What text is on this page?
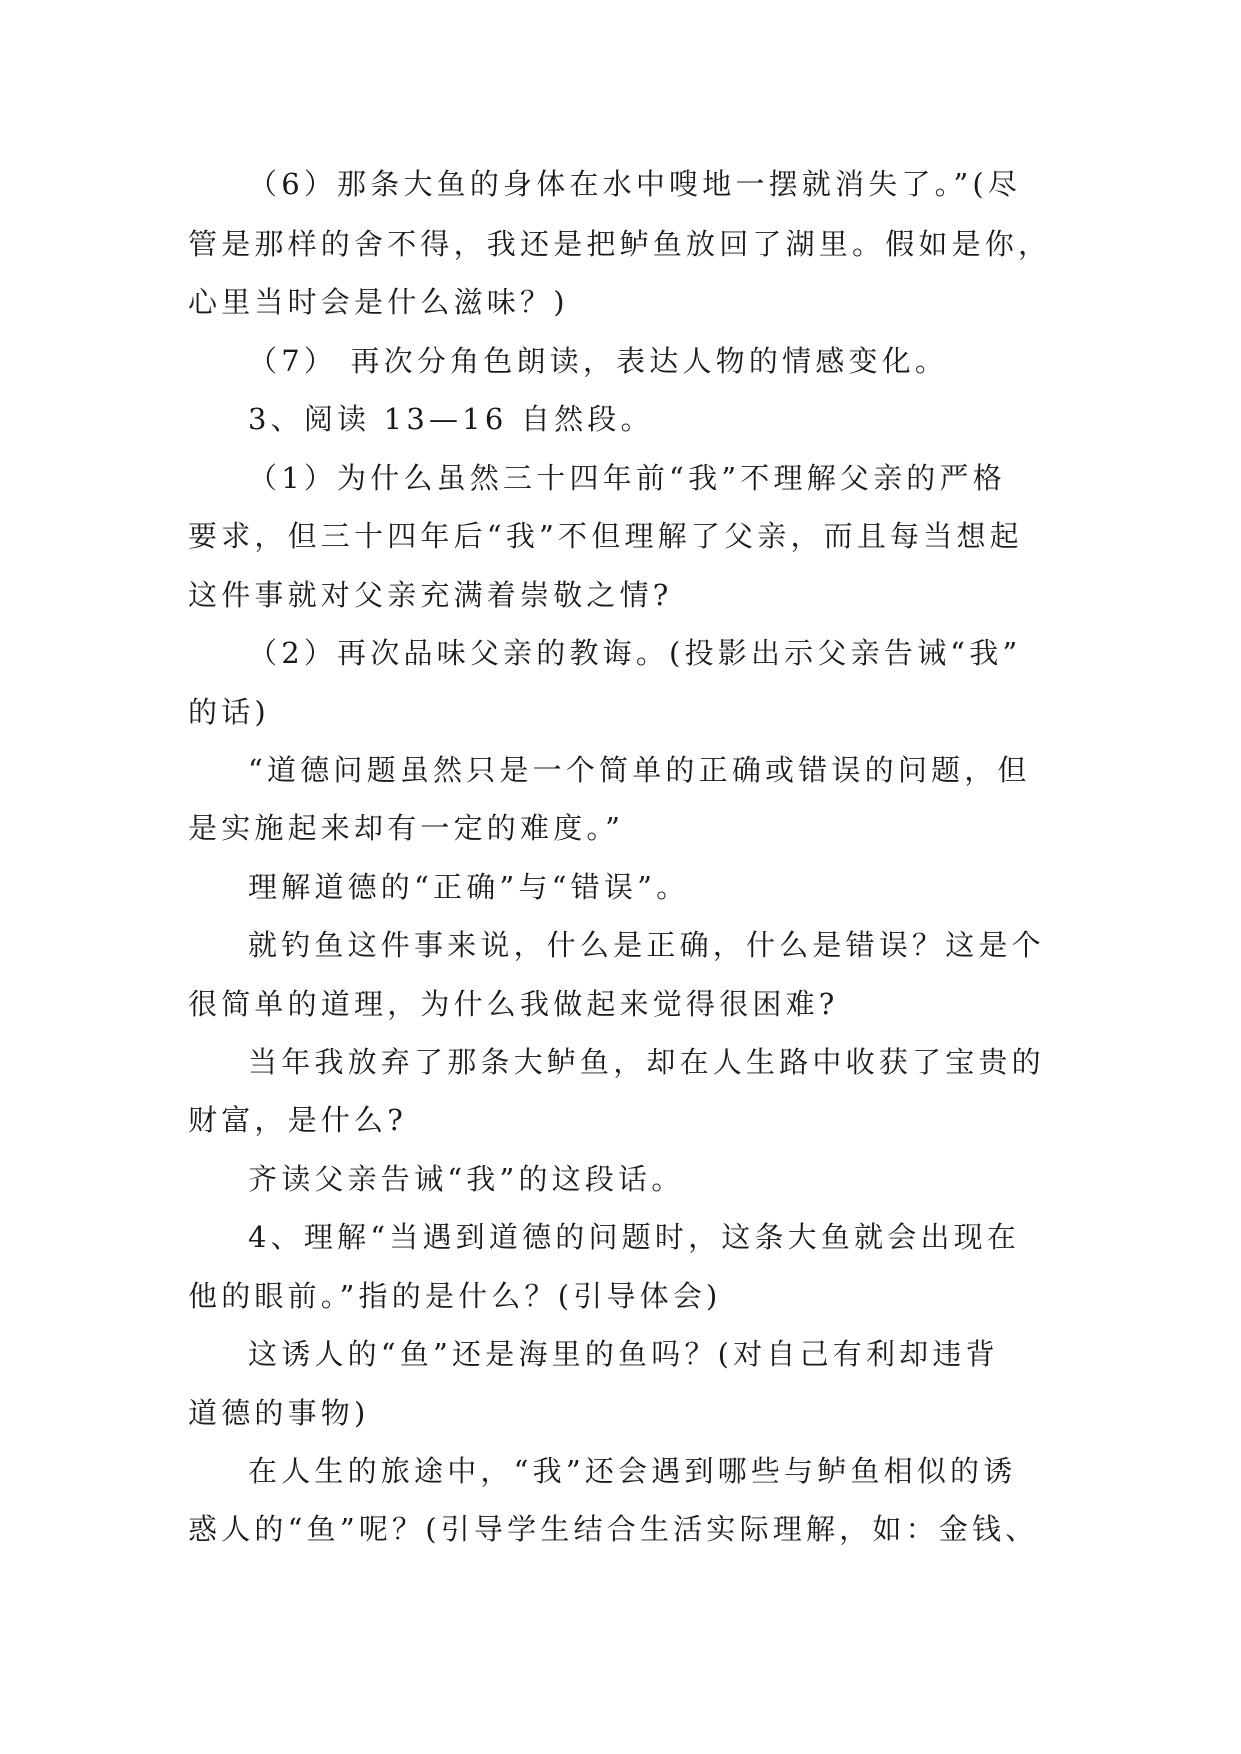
（6）那条大鱼的身体在水中嗖地一摆就消失了。”(尽
管是那样的舍不得，我还是把鲈鱼放回了湖里。假如是你，
心里当时会是什么滋味？)
（7） 再次分角色朗读，表达人物的情感变化。
3、阅读 13—16 自然段。
（1）为什么虽然三十四年前“我”不理解父亲的严格
要求，但三十四年后“我”不但理解了父亲，而且每当想起
这件事就对父亲充满着崇敬之情?
（2）再次品味父亲的教诲。(投影出示父亲告诫“我”
的话)
“道德问题虽然只是一个简单的正确或错误的问题，但
是实施起来却有一定的难度。”
理解道德的“正确”与“错误”。
就钓鱼这件事来说，什么是正确，什么是错误？这是个
很简单的道理，为什么我做起来觉得很困难?
当年我放弃了那条大鲈鱼，却在人生路中收获了宝贵的
财富，是什么?
齐读父亲告诫“我”的这段话。
4、理解“当遇到道德的问题时，这条大鱼就会出现在
他的眼前。”指的是什么？(引导体会)
这诱人的“鱼”还是海里的鱼吗？(对自己有利却违背
道德的事物)
在人生的旅途中，“我”还会遇到哪些与鲈鱼相似的诱
惑人的“鱼”呢？(引导学生结合生活实际理解，如：金钱、
